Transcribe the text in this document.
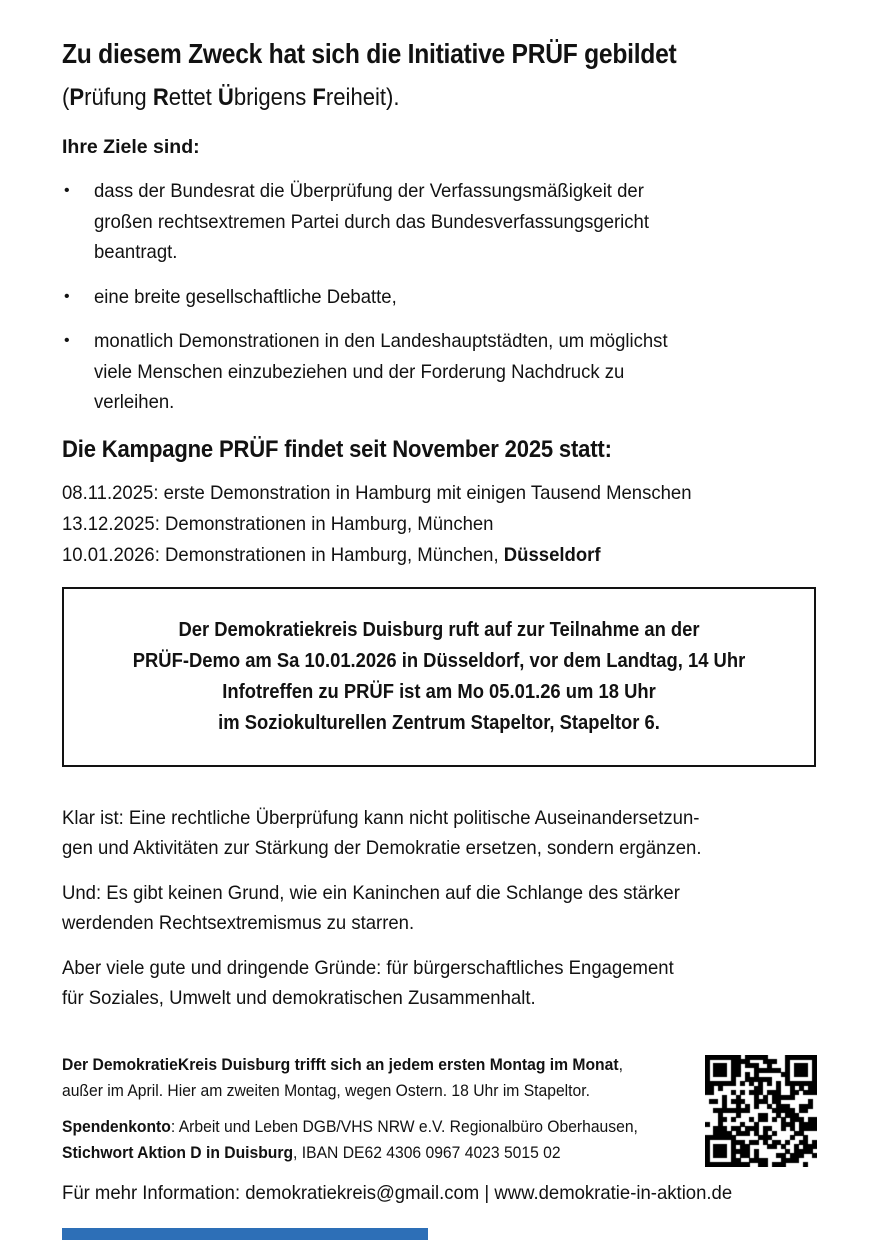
Zu diesem Zweck hat sich die Initiative PRÜF gebildet
(Prüfung Rettet Übrigens Freiheit).
Ihre Ziele sind:
•	dass der Bundesrat die Überprüfung der Verfassungsmäßigkeit der
großen rechtsextremen Partei durch das Bundesverfassungsgericht
beantragt.
•	eine breite gesellschaftliche Debatte,
•	monatlich Demonstrationen in den Landeshauptstädten, um möglichst
viele Menschen einzubeziehen und der Forderung Nachdruck zu
verleihen.
Die Kampagne PRÜF findet seit November 2025 statt:
08.11.2025: erste Demonstration in Hamburg mit einigen Tausend Menschen
13.12.2025: Demonstrationen in Hamburg, München
10.01.2026: Demonstrationen in Hamburg, München, Düsseldorf
Der Demokratiekreis Duisburg ruft auf zur Teilnahme an der
PRÜF-Demo am Sa 10.01.2026 in Düsseldorf, vor dem Landtag, 14 Uhr
Infotreffen zu PRÜF ist am Mo 05.01.26 um 18 Uhr
im Soziokulturellen Zentrum Stapeltor, Stapeltor 6.
Klar ist: Eine rechtliche Überprüfung kann nicht politische Auseinandersetzun-
gen und Aktivitäten zur Stärkung der Demokratie ersetzen, sondern ergänzen.
Und: Es gibt keinen Grund, wie ein Kaninchen auf die Schlange des stärker
werdenden Rechtsextremismus zu starren.
Aber viele gute und dringende Gründe: für bürgerschaftliches Engagement
für Soziales, Umwelt und demokratischen Zusammenhalt.
Der DemokratieKreis Duisburg trifft sich an jedem ersten Montag im Monat,
außer im April. Hier am zweiten Montag, wegen Ostern. 18 Uhr im Stapeltor.
Spendenkonto: Arbeit und Leben DGB/VHS NRW e.V. Regionalbüro Oberhausen,
Stichwort Aktion D in Duisburg, IBAN DE62 4306 0967 4023 5015 02
Für mehr Information: demokratiekreis@gmail.com | www.demokratie-in-aktion.de
